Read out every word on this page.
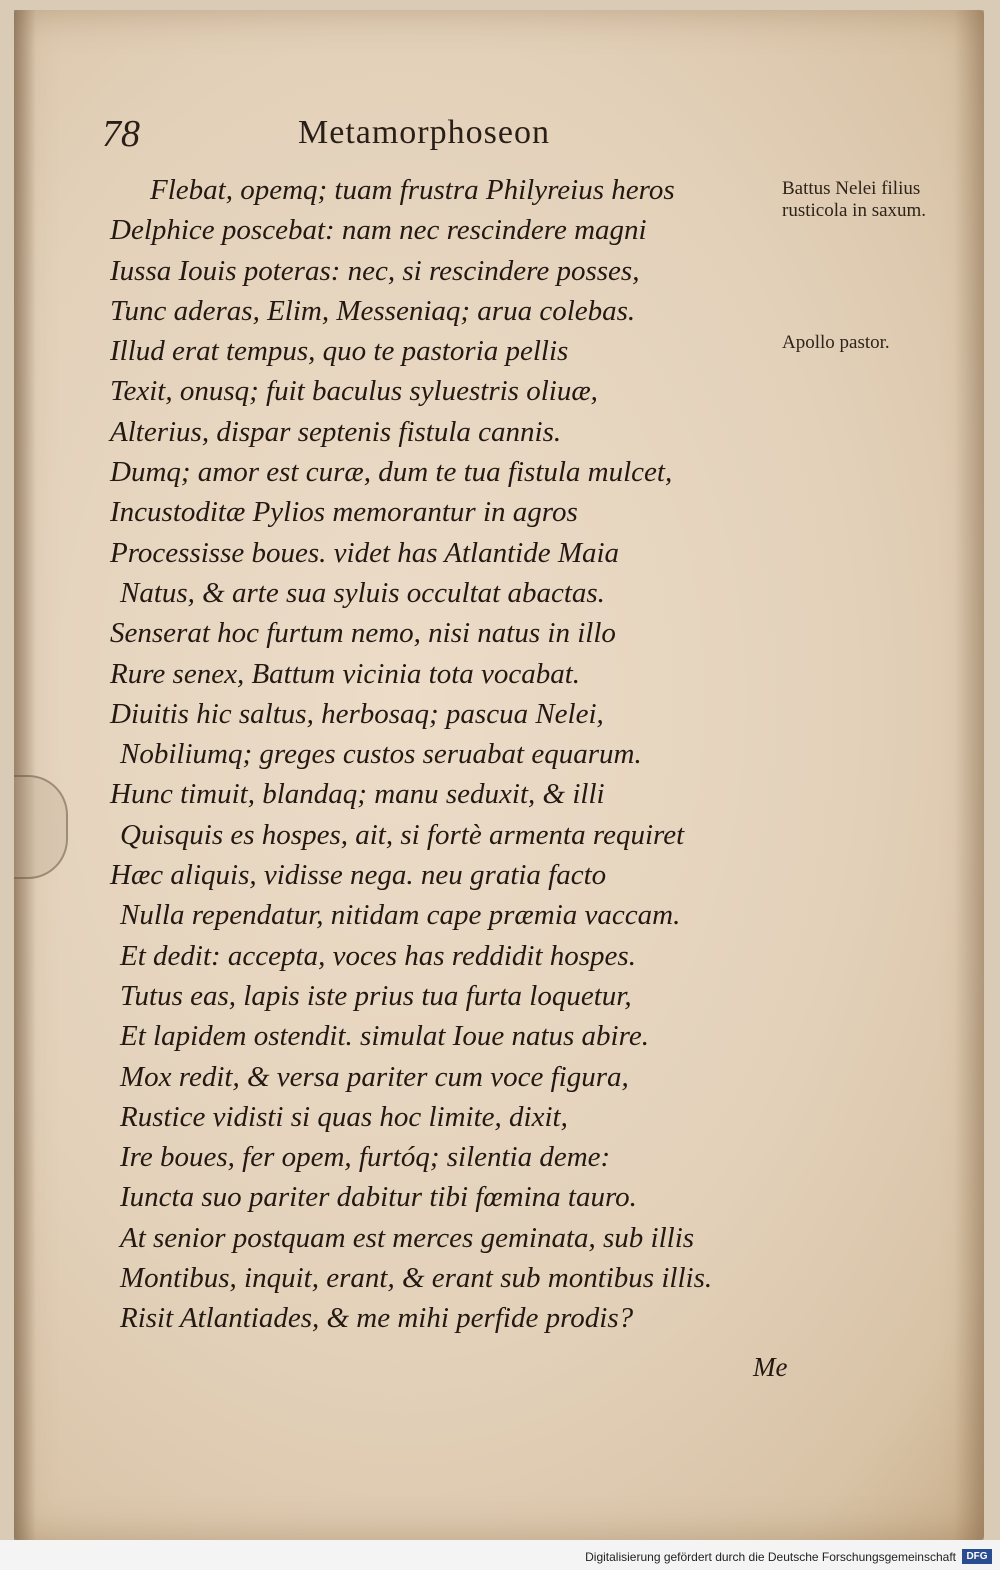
78	Metamorphoseon
Flebat, opemq; tuam frustra Philyreius heros
Delphice poscebat: nam nec rescindere magni
Iussa Iouis poteras: nec, si rescindere posses,
Tunc aderas, Elim, Messeniaq; arua colebas.
Illud erat tempus, quo te pastoria pellis
Texit, onusq; fuit baculus syluestris oliuæ,
Alterius, dispar septenis fistula cannis.
Dumq; amor est curæ, dum te tua fistula mulcet,
Incustoditæ Pylios memorantur in agros
Processisse boues. videt has Atlantide Maia
Natus, & arte sua syluis occultat abactas.
Senserat hoc furtum nemo, nisi natus in illo
Rure senex, Battum vicinia tota vocabat.
Diuitis hic saltus, herbosaq; pascua Nelei,
Nobiliumq; greges custos seruabat equarum.
Hunc timuit, blandaq; manu seduxit, & illi
Quisquis es hospes, ait, si fortè armenta requiret
Hæc aliquis, vidisse nega. neu gratia facto
Nulla rependatur, nitidam cape præmia vaccam.
Et dedit: accepta, voces has reddidit hospes.
Tutus eas, lapis iste prius tua furta loquetur,
Et lapidem ostendit. simulat Ioue natus abire.
Mox redit, & versa pariter cum voce figura,
Rustice vidisti si quas hoc limite, dixit,
Ire boues, fer opem, furtóq; silentia deme:
Iuncta suo pariter dabitur tibi fœmina tauro.
At senior postquam est merces geminata, sub illis
Montibus, inquit, erant, & erant sub montibus illis.
Risit Atlantiades, & me mihi perfide prodis?
Battus Nelei filius rusticola in saxum.
Apollo pastor.
Me
Digitalisierung gefördert durch die Deutsche Forschungsgemeinschaft	DFG
